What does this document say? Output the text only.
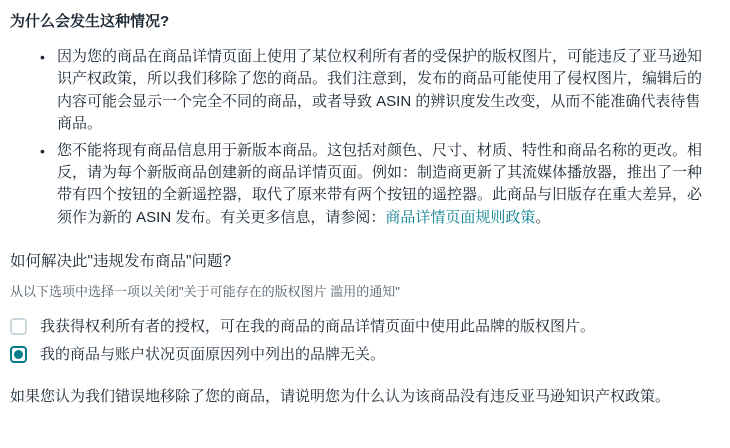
为什么会发生这种情况?
• 因为您的商品在商品详情页面上使用了某位权利所有者的受保护的版权图片，可能违反了亚马逊知识产权政策，所以我们移除了您的商品。我们注意到，发布的商品可能使用了侵权图片，编辑后的内容可能会显示一个完全不同的商品，或者导致 ASIN 的辨识度发生改变，从而不能准确代表待售商品。
• 您不能将现有商品信息用于新版本商品。这包括对颜色、尺寸、材质、特性和商品名称的更改。相反，请为每个新版商品创建新的商品详情页面。例如：制造商更新了其流媒体播放器，推出了一种带有四个按钮的全新遥控器，取代了原来带有两个按钮的遥控器。此商品与旧版存在重大差异，必须作为新的 ASIN 发布。有关更多信息，请参阅：商品详情页面规则政策。
如何解决此"违规发布商品"问题?

从以下选项中选择一项以关闭"关于可能存在的版权图片 滥用的通知"

我获得权利所有者的授权，可在我的商品的商品详情页面中使用此品牌的版权图片。
我的商品与账户状况页面原因列中列出的品牌无关。

如果您认为我们错误地移除了您的商品，请说明您为什么认为该商品没有违反亚马逊知识产权政策。
